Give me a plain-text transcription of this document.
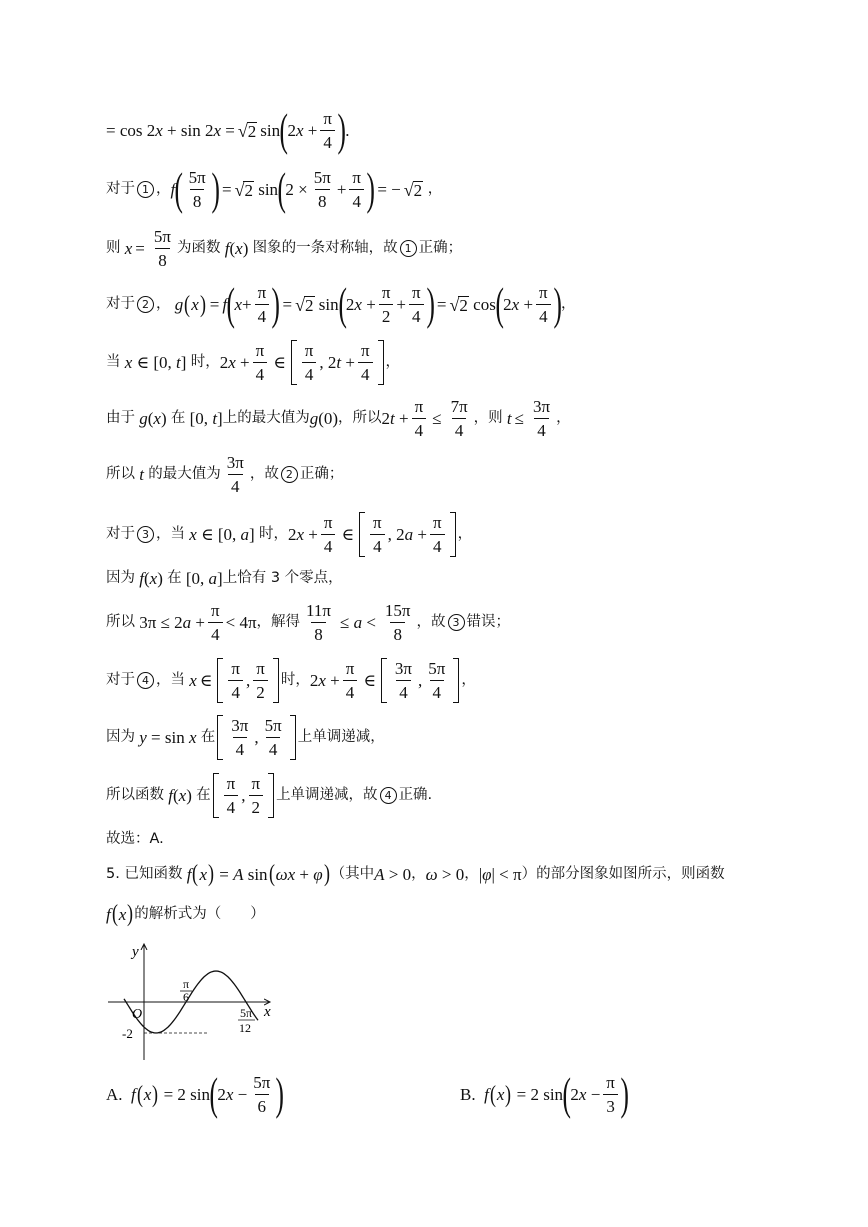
= cos 2x + sin 2x = √ 2 sin ( $2x + \frac{\pi}{4}$ ) .
对于 1 ， f ( $\frac{5\pi}{8}$ ) = √ 2 sin ( $2 \times \frac{5\pi}{8} + \frac{\pi}{4}$ ) = − √ 2 ，
则 $x = \frac{5\pi}{8}$ 为函数 f(x) 图象的一条对称轴，故 1 正确；
对于 2 ， g ( x ) = f ( $x + \frac{\pi}{4}$ ) = √ 2 sin ( $2x + \frac{\pi}{2} + \frac{\pi}{4}$ ) = √ 2 cos ( $2x + \frac{\pi}{4}$ ) ，
当 x ∈ [0, t] 时， $2x + \frac{\pi}{4}$ ∈ $\frac{\pi}{4}$ , $2t + \frac{\pi}{4}$ ，
由于 g(x) 在 [0, t] 上的最大值为 g(0) ，所以 $2t + \frac{\pi}{4} \le \frac{7\pi}{4}$ ，则 $t \le \frac{3\pi}{4}$ ，
所以 t 的最大值为 $\frac{3\pi}{4}$ ，故 2 正确；
对于 3 ， 当 x ∈ [0, a] 时， $2x + \frac{\pi}{4}$ ∈ $\frac{\pi}{4}$ , $2a + \frac{\pi}{4}$ ，
因为 f(x) 在 [0, a] 上恰有 3 个零点，
所以 $3\pi \le 2a + \frac{\pi}{4} < 4\pi$ ，解得 $\frac{11\pi}{8} \le a < \frac{15\pi}{8}$ ，故 3 错误；
对于 4 ， 当 x ∈ $\frac{\pi}{4}$ , $\frac{\pi}{2}$ 时， $2x + \frac{\pi}{4}$ ∈ $\frac{3\pi}{4}$ , $\frac{5\pi}{4}$ ，
因为 y = sin x 在 $\frac{3\pi}{4}$ , $\frac{5\pi}{4}$ 上单调递减，
所以函数 f(x) 在 $\frac{\pi}{4}$ , $\frac{\pi}{2}$ 上单调递减，故 4 正确.
故选：A.
5. 已知函数 f ( x ) = A sin ( ωx + φ ) （其中 A > 0 ， ω > 0 ， |φ| < π ）的部分图象如图所示，则函数
f ( x ) 的解析式为（　　）
y
x
O
-2
π
6
5π
12
A. f ( x ) = 2 sin ( $2x - \frac{5\pi}{6}$ )	B. f ( x ) = 2 sin ( $2x - \frac{\pi}{3}$ )
